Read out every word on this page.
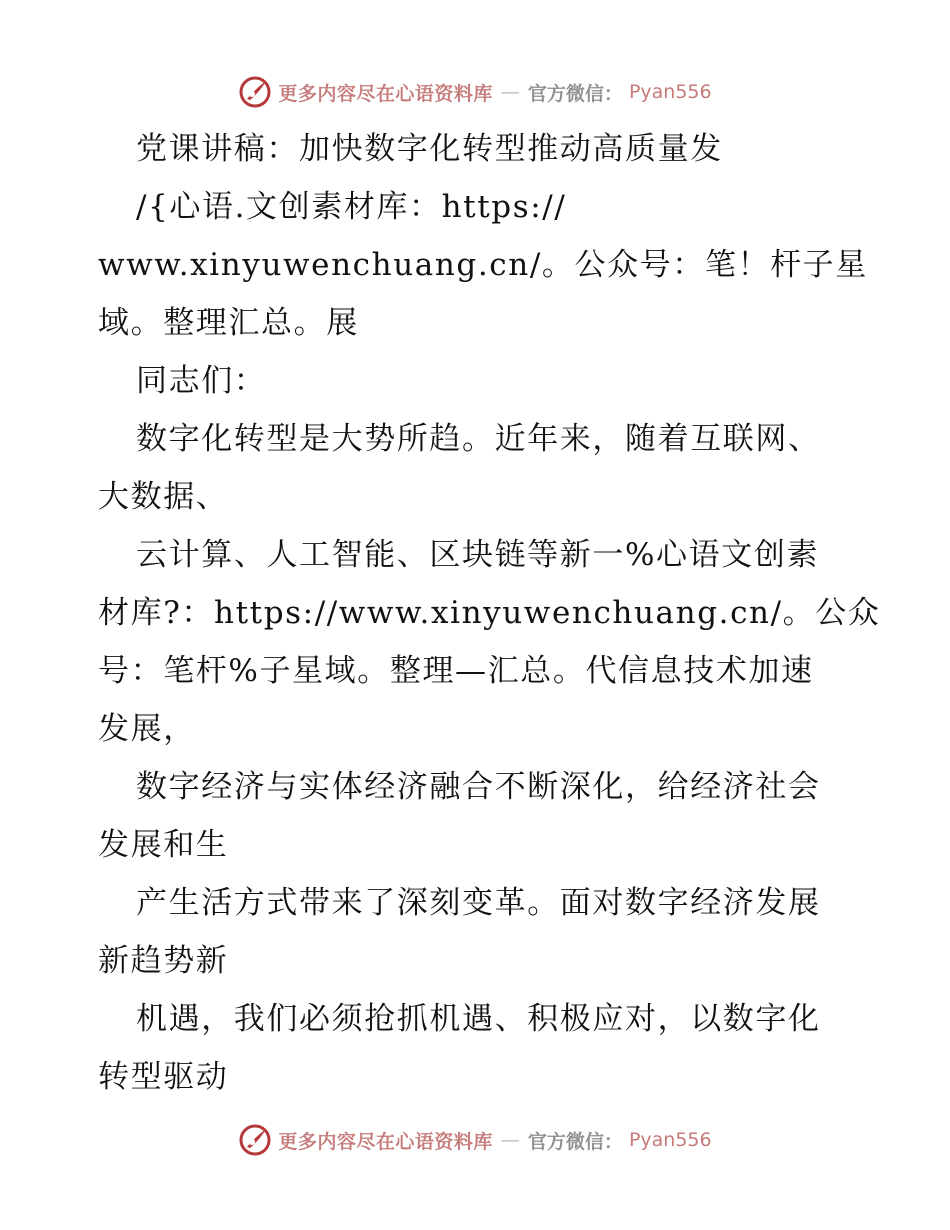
更多内容尽在心语资料库 — 官方微信： Pyan556
党课讲稿：加快数字化转型推动高质量发
/{心语.文创素材库：https://
www.xinyuwenchuang.cn/。公众号：笔！杆子星
域。整理汇总。展
同志们：
数字化转型是大势所趋。近年来，随着互联网、
大数据、
云计算、人工智能、区块链等新一%心语文创素
材库?：https://www.xinyuwenchuang.cn/。公众
号：笔杆%子星域。整理—汇总。代信息技术加速
发展，
数字经济与实体经济融合不断深化，给经济社会
发展和生
产生活方式带来了深刻变革。面对数字经济发展
新趋势新
机遇，我们必须抢抓机遇、积极应对，以数字化
转型驱动
更多内容尽在心语资料库 — 官方微信： Pyan556
